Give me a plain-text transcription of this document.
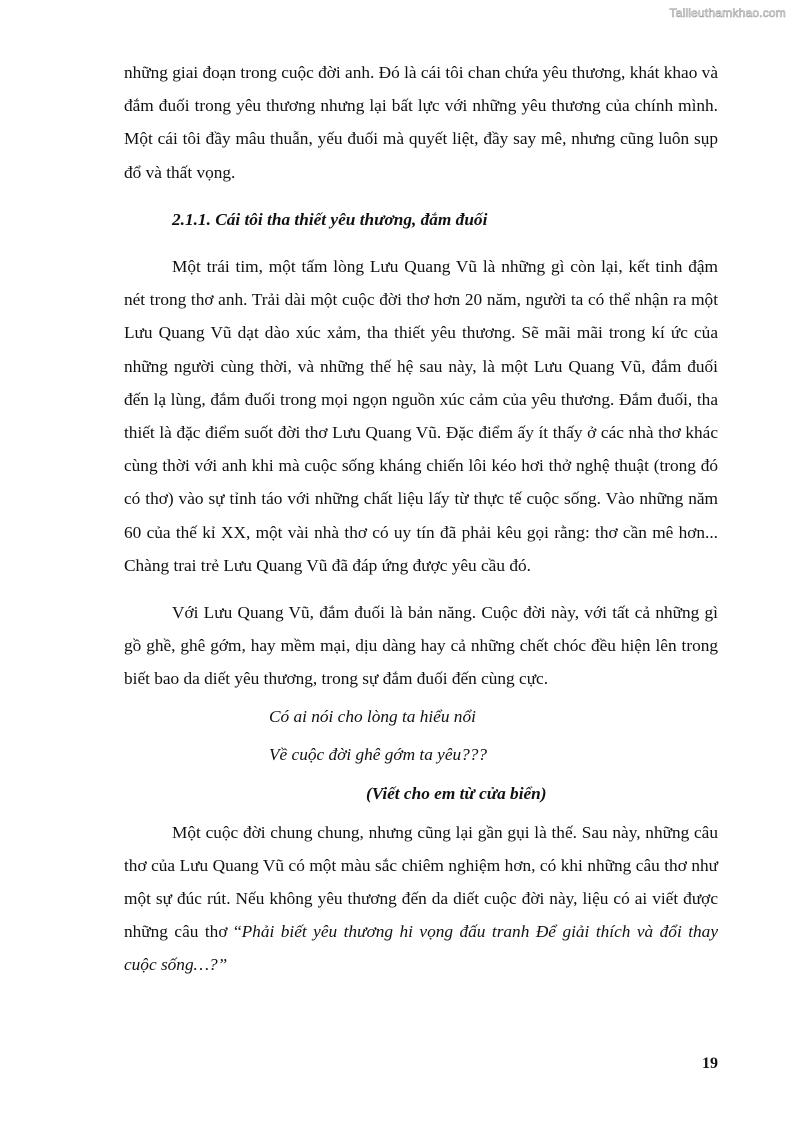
Tailieuthamkhao.com

những giai đoạn trong cuộc đời anh. Đó là cái tôi chan chứa yêu thương, khát khao và đắm đuối trong yêu thương nhưng lại bất lực với những yêu thương của chính mình. Một cái tôi đầy mâu thuẫn, yếu đuối mà quyết liệt, đầy say mê, nhưng cũng luôn sụp đổ và thất vọng.

2.1.1. Cái tôi tha thiết yêu thương, đắm đuối

Một trái tim, một tấm lòng Lưu Quang Vũ là những gì còn lại, kết tinh đậm nét trong thơ anh. Trải dài một cuộc đời thơ hơn 20 năm, người ta có thể nhận ra một Lưu Quang Vũ dạt dào xúc xảm, tha thiết yêu thương. Sẽ mãi mãi trong kí ức của những người cùng thời, và những thế hệ sau này, là một Lưu Quang Vũ, đắm đuối đến lạ lùng, đắm đuối trong mọi ngọn nguồn xúc cảm của yêu thương. Đắm đuối, tha thiết là đặc điểm suốt đời thơ Lưu Quang Vũ. Đặc điểm ấy ít thấy ở các nhà thơ khác cùng thời với anh khi mà cuộc sống kháng chiến lôi kéo hơi thở nghệ thuật (trong đó có thơ) vào sự tỉnh táo với những chất liệu lấy từ thực tế cuộc sống. Vào những năm 60 của thế kỉ XX, một vài nhà thơ có uy tín đã phải kêu gọi rằng: thơ cần mê hơn... Chàng trai trẻ Lưu Quang Vũ đã đáp ứng được yêu cầu đó.

Với Lưu Quang Vũ, đắm đuối là bản năng. Cuộc đời này, với tất cả những gì gồ ghề, ghê gớm, hay mềm mại, dịu dàng hay cả những chết chóc đều hiện lên trong biết bao da diết yêu thương, trong sự đắm đuối đến cùng cực.

Có ai nói cho lòng ta hiểu nổi
Về cuộc đời ghê gớm ta yêu???
(Viết cho em từ cửa biển)

Một cuộc đời chung chung, nhưng cũng lại gần gụi là thế. Sau này, những câu thơ của Lưu Quang Vũ có một màu sắc chiêm nghiệm hơn, có khi những câu thơ như một sự đúc rút. Nếu không yêu thương đến da diết cuộc đời này, liệu có ai viết được những câu thơ “Phải biết yêu thương hi vọng đấu tranh Để giải thích và đổi thay cuộc sống…?”

19
